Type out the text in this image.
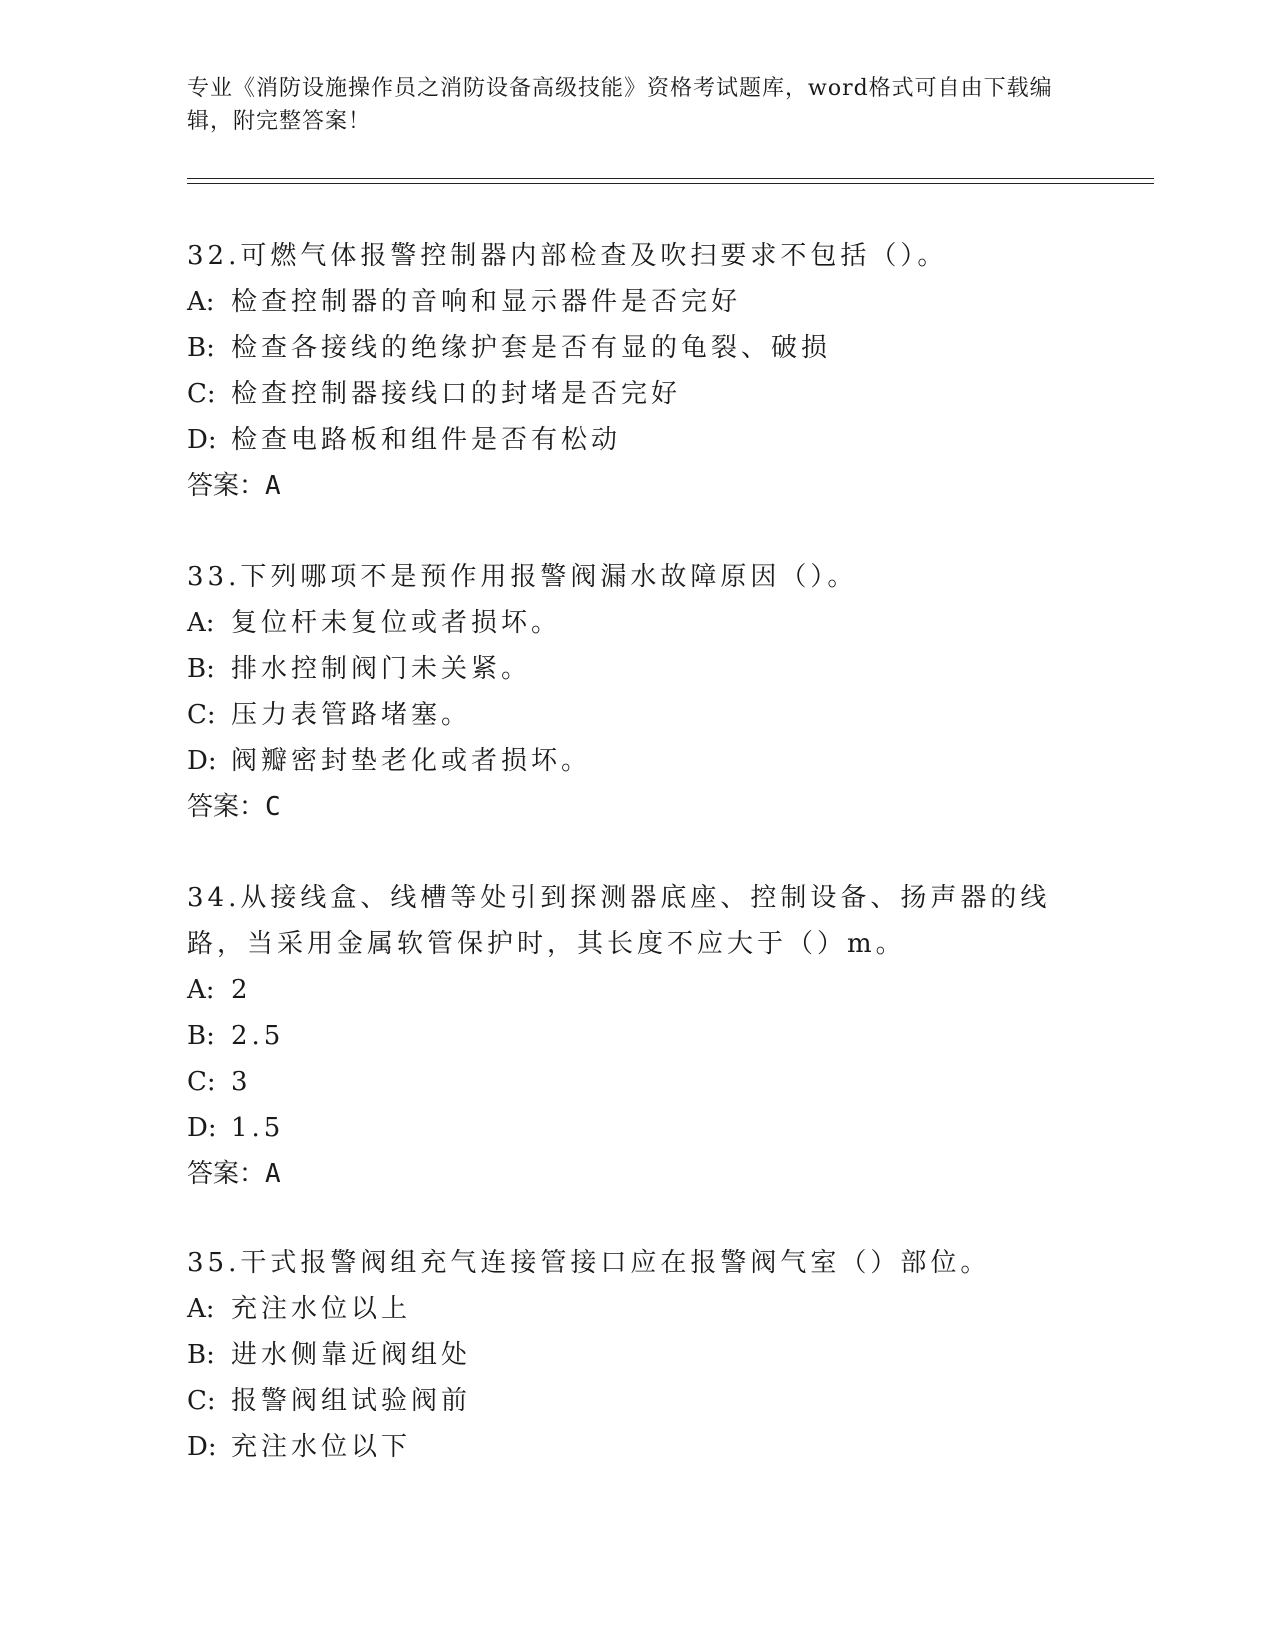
专业《消防设施操作员之消防设备高级技能》资格考试题库，word格式可自由下载编辑，附完整答案！

32.可燃气体报警控制器内部检查及吹扫要求不包括（）。

A: 检查控制器的音响和显示器件是否完好

B: 检查各接线的绝缘护套是否有显的龟裂、破损

C: 检查控制器接线口的封堵是否完好

D: 检查电路板和组件是否有松动

答案：A

33.下列哪项不是预作用报警阀漏水故障原因（）。

A: 复位杆未复位或者损坏。

B: 排水控制阀门未关紧。

C: 压力表管路堵塞。

D: 阀瓣密封垫老化或者损坏。

答案：C

34.从接线盒、线槽等处引到探测器底座、控制设备、扬声器的线路，当采用金属软管保护时，其长度不应大于（）m。

A: 2

B: 2.5

C: 3

D: 1.5

答案：A

35.干式报警阀组充气连接管接口应在报警阀气室（）部位。

A: 充注水位以上

B: 进水侧靠近阀组处

C: 报警阀组试验阀前

D: 充注水位以下
